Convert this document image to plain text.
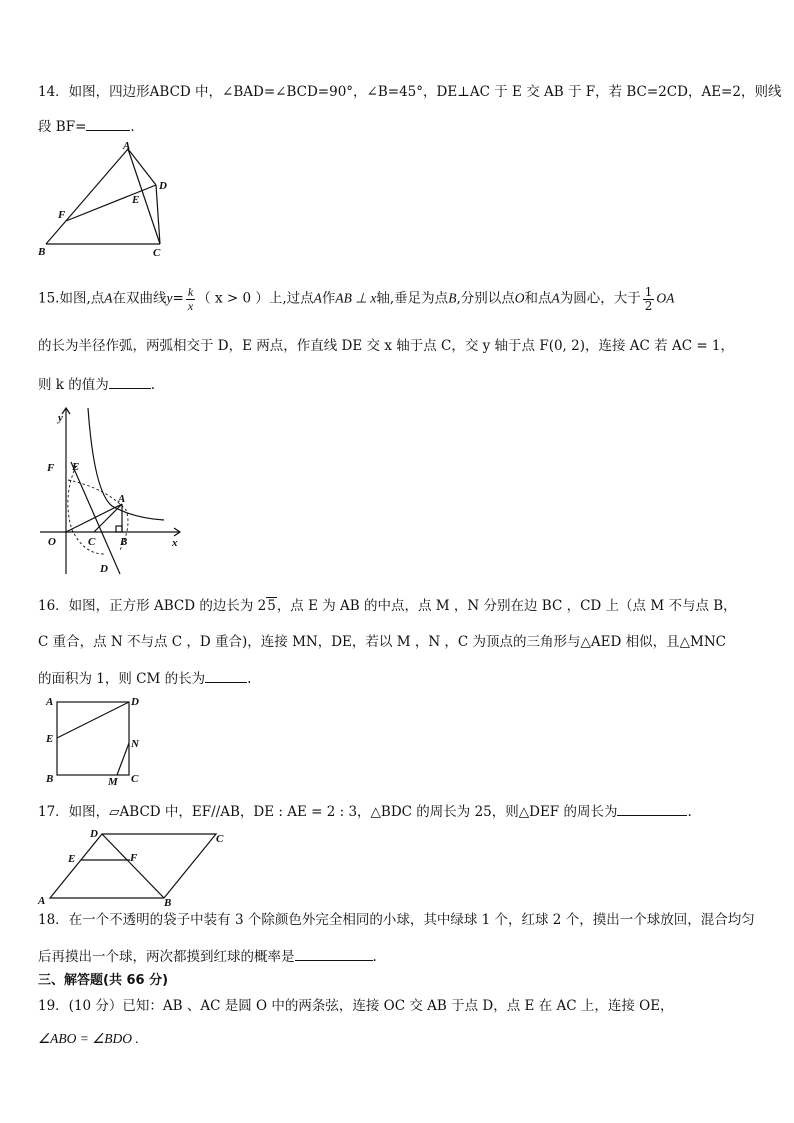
14．如图，四边形ABCD 中，∠BAD=∠BCD=90°，∠B=45°，DE⊥AC 于 E 交 AB 于 F，若 BC=2CD，AE=2，则线
段 BF=	.
A
D
E
F
B	C
15.如图,点A在双曲线$y= \frac{k}{x}$ （ x > 0 ）上,过点A作AB ⊥ x轴,垂足为点B,分别以点O和点A为圆心，大于 $\frac{1}{2}$ OA
的长为半径作弧，两弧相交于 D，E 两点，作直线 DE 交 x 轴于点 C，交 y 轴于点 F(0, 2)，连接 AC 若 AC = 1，
则 k 的值为	.
y
x
O
F E
A
C B
D
16．如图，正方形 ABCD 的边长为 25，点 E 为 AB 的中点，点 M ，N 分别在边 BC ，CD 上（点 M 不与点 B，
C 重合，点 N 不与点 C ，D 重合)，连接 MN，DE，若以 M ，N ，C 为顶点的三角形与△AED 相似，且△MNC
的面积为 1，则 CM 的长为	.
A	D
E	N
B	M C
17．如图，▱ABCD 中，EF//AB，DE : AE = 2 : 3，△BDC 的周长为 25，则△DEF 的周长为	.
D	C
E	F
A	B
18．在一个不透明的袋子中装有 3 个除颜色外完全相同的小球，其中绿球 1 个，红球 2 个，摸出一个球放回，混合均匀
后再摸出一个球，两次都摸到红球的概率是	.
三、解答题(共 66 分)
19．(10 分）已知：AB 、AC 是圆 O 中的两条弦，连接 OC 交 AB 于点 D，点 E 在 AC 上，连接 OE，
∠ABO = ∠BDO .
